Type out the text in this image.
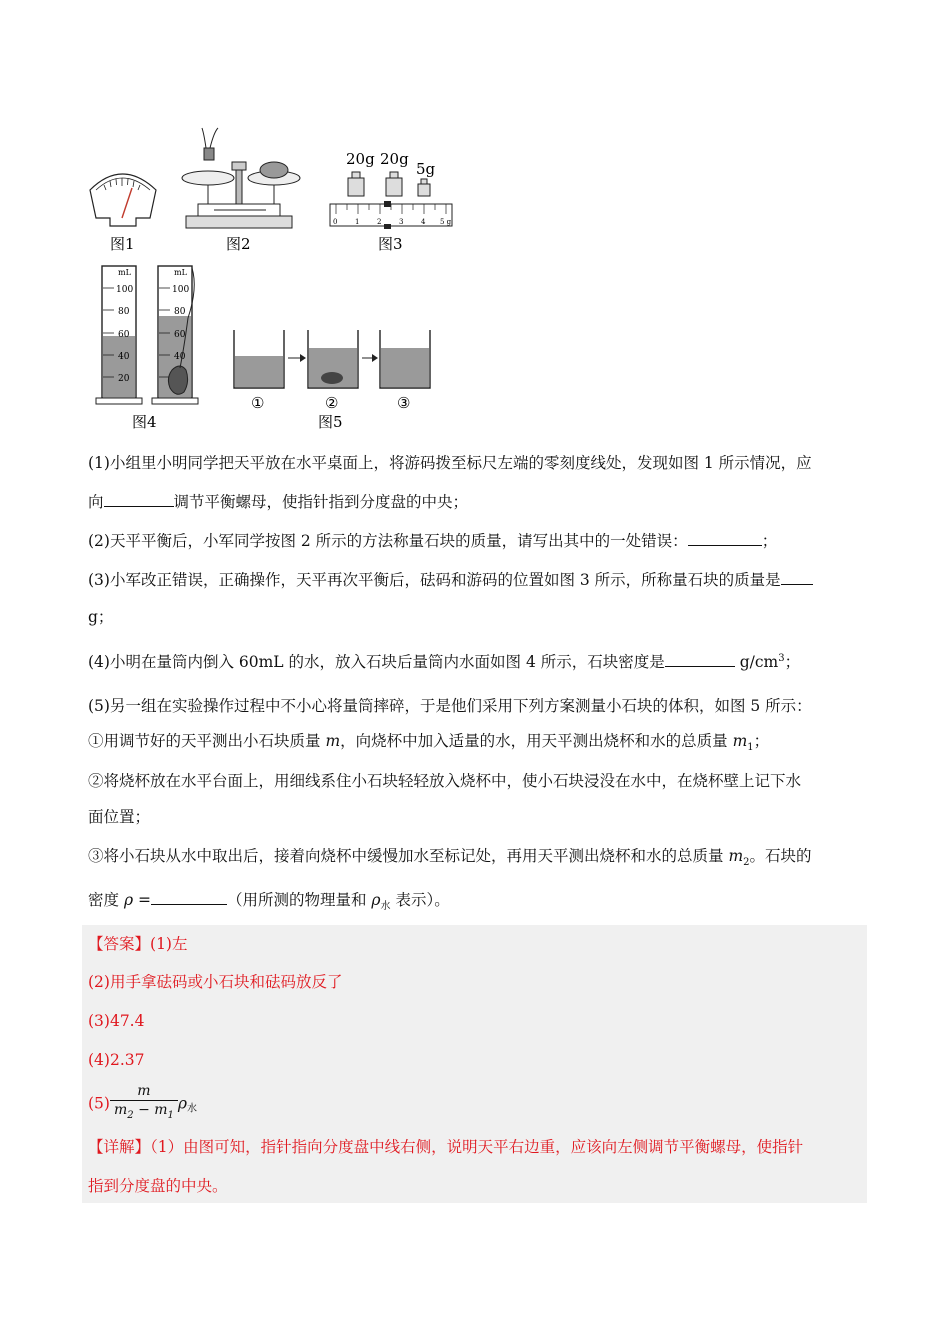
图1	图2
20g 20g
5g
0	1	2	3	4 5 g
图3
mL
100
80
60
40
20
mL
100
80
60
40
图4
①	②	③
图5
(1)小组里小明同学把天平放在水平桌面上，将游码拨至标尺左端的零刻度线处，发现如图 1 所示情况，应
向	调节平衡螺母，使指针指到分度盘的中央；
(2)天平平衡后，小军同学按图 2 所示的方法称量石块的质量，请写出其中的一处错误：	；
(3)小军改正错误，正确操作，天平再次平衡后，砝码和游码的位置如图 3 所示，所称量石块的质量是
g；
(4)小明在量筒内倒入 60mL 的水，放入石块后量筒内水面如图 4 所示，石块密度是	$g/cm^3$；
(5)另一组在实验操作过程中不小心将量筒摔碎，于是他们采用下列方案测量小石块的体积，如图 5 所示：
①用调节好的天平测出小石块质量 m，向烧杯中加入适量的水，用天平测出烧杯和水的总质量 $m_1$；
②将烧杯放在水平台面上，用细线系住小石块轻轻放入烧杯中，使小石块浸没在水中，在烧杯壁上记下水
面位置；
③将小石块从水中取出后，接着向烧杯中缓慢加水至标记处，再用天平测出烧杯和水的总质量 $m_2$。石块的
密度 ρ =	（用所测的物理量和 $\rho_水$ 表示）。
【答案】(1)左
(2)用手拿砝码或小石块和砝码放反了
(3)47.4
(4)2.37
$(5) \frac{m}{m_2 - m_1} \rho_水$
【详解】（1）由图可知，指针指向分度盘中线右侧，说明天平右边重，应该向左侧调节平衡螺母，使指针
指到分度盘的中央。
